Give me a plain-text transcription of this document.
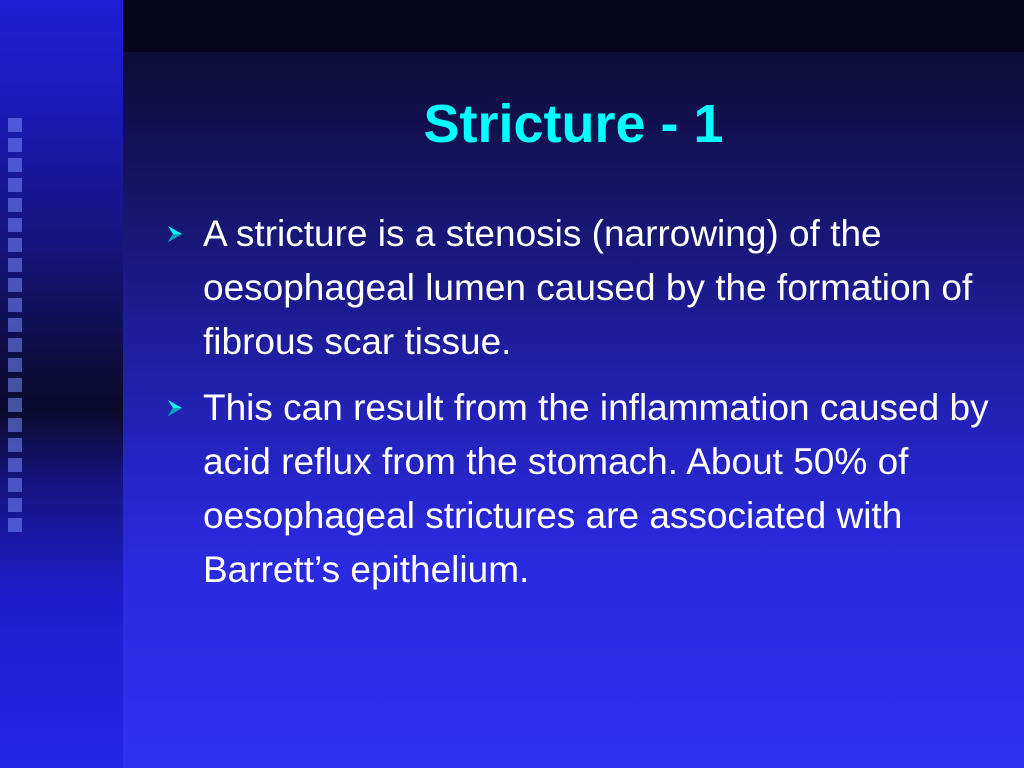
Stricture - 1
A stricture is a stenosis (narrowing) of the oesophageal lumen caused by the formation of fibrous scar tissue.
This can result from the inflammation caused by acid reflux from the stomach. About 50% of oesophageal strictures are associated with Barrett’s epithelium.
